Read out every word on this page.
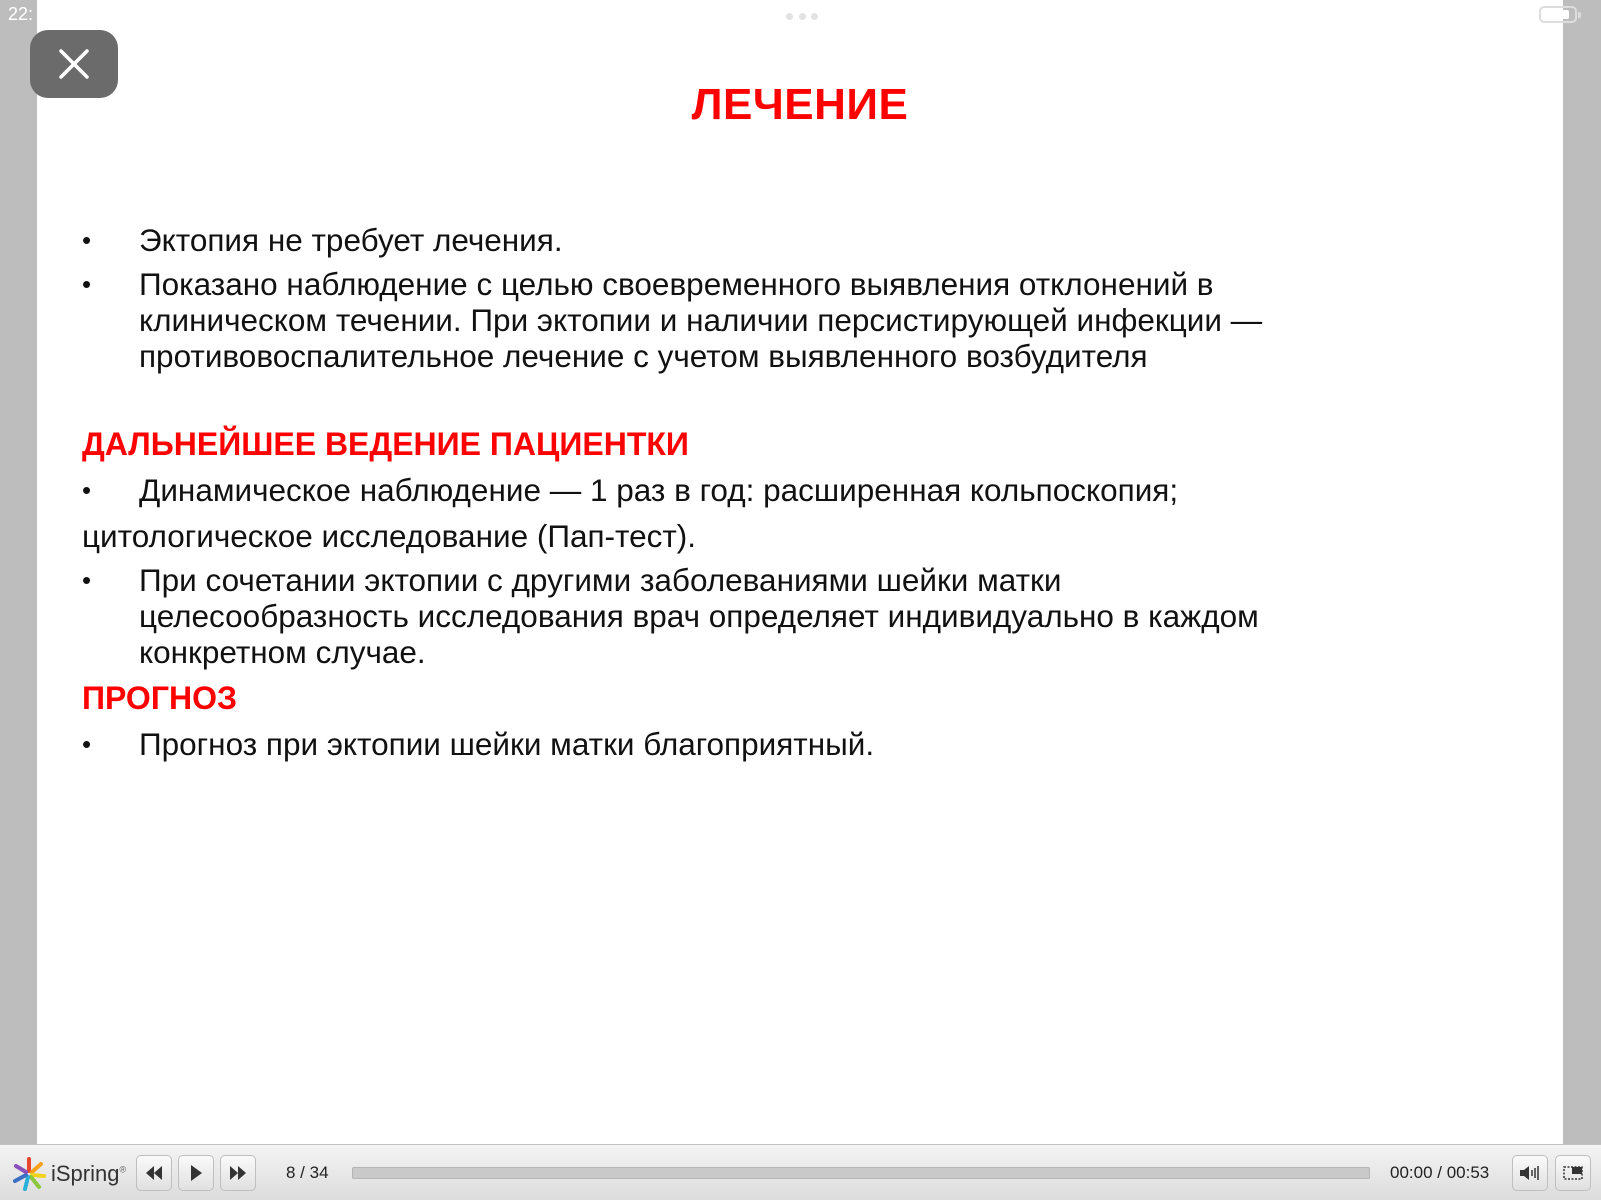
22:
ЛЕЧЕНИЕ

•	Эктопия не требует лечения.

•	Показано наблюдение с целью своевременного выявления отклонений в клиническом течении. При эктопии и наличии персистирующей инфекции — противовоспалительное лечение с учетом выявленного возбудителя

ДАЛЬНЕЙШЕЕ ВЕДЕНИЕ ПАЦИЕНТКИ

•	Динамическое наблюдение — 1 раз в год: расширенная кольпоскопия;

цитологическое исследование (Пап-тест).

•	При сочетании эктопии с другими заболеваниями шейки матки целесообразность исследования врач определяет индивидуально в каждом конкретном случае.

ПРОГНОЗ

•	Прогноз при эктопии шейки матки благоприятный.

iSpring®	8 / 34	00:00 / 00:53
